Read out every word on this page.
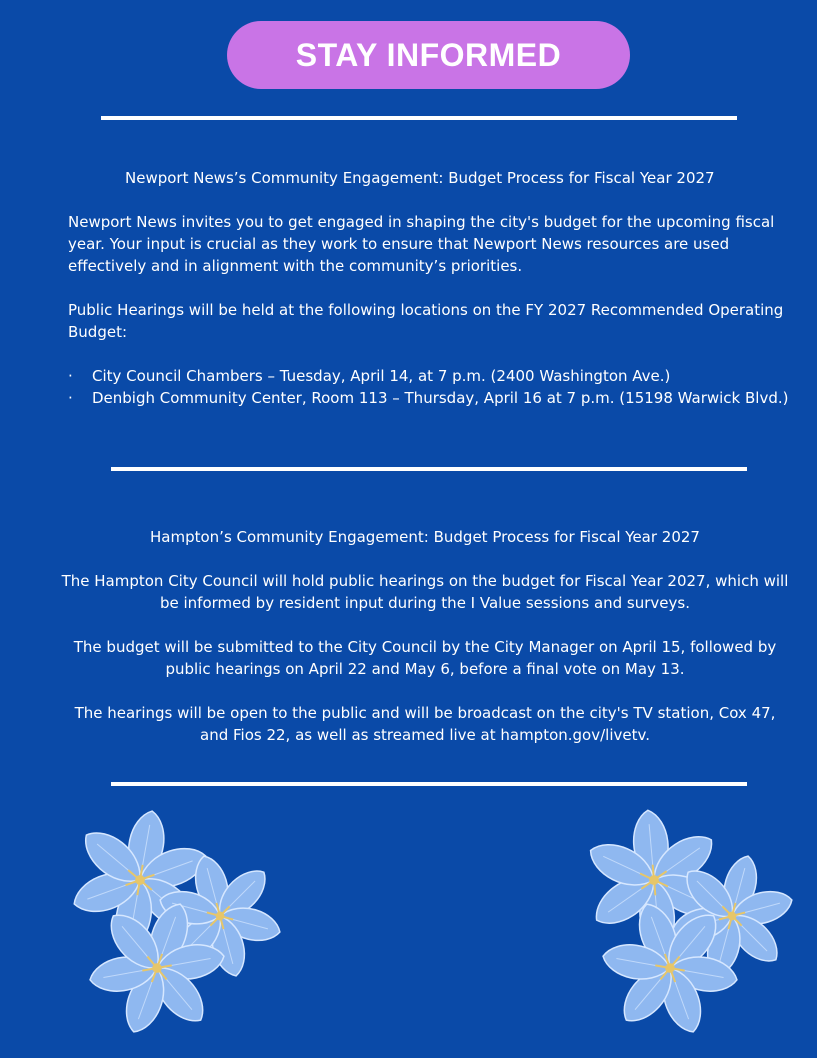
STAY INFORMED
Newport News’s Community Engagement: Budget Process for Fiscal Year 2027
Newport News invites you to get engaged in shaping the city's budget for the upcoming fiscal year. Your input is crucial as they work to ensure that Newport News resources are used effectively and in alignment with the community’s priorities.
Public Hearings will be held at the following locations on the FY 2027 Recommended Operating Budget:
· City Council Chambers – Tuesday, April 14, at 7 p.m. (2400 Washington Ave.)
· Denbigh Community Center, Room 113 – Thursday, April 16 at 7 p.m. (15198 Warwick Blvd.)
Hampton’s Community Engagement: Budget Process for Fiscal Year 2027
The Hampton City Council will hold public hearings on the budget for Fiscal Year 2027, which will be informed by resident input during the I Value sessions and surveys.
The budget will be submitted to the City Council by the City Manager on April 15, followed by public hearings on April 22 and May 6, before a final vote on May 13.
The hearings will be open to the public and will be broadcast on the city's TV station, Cox 47, and Fios 22, as well as streamed live at hampton.gov/livetv.
